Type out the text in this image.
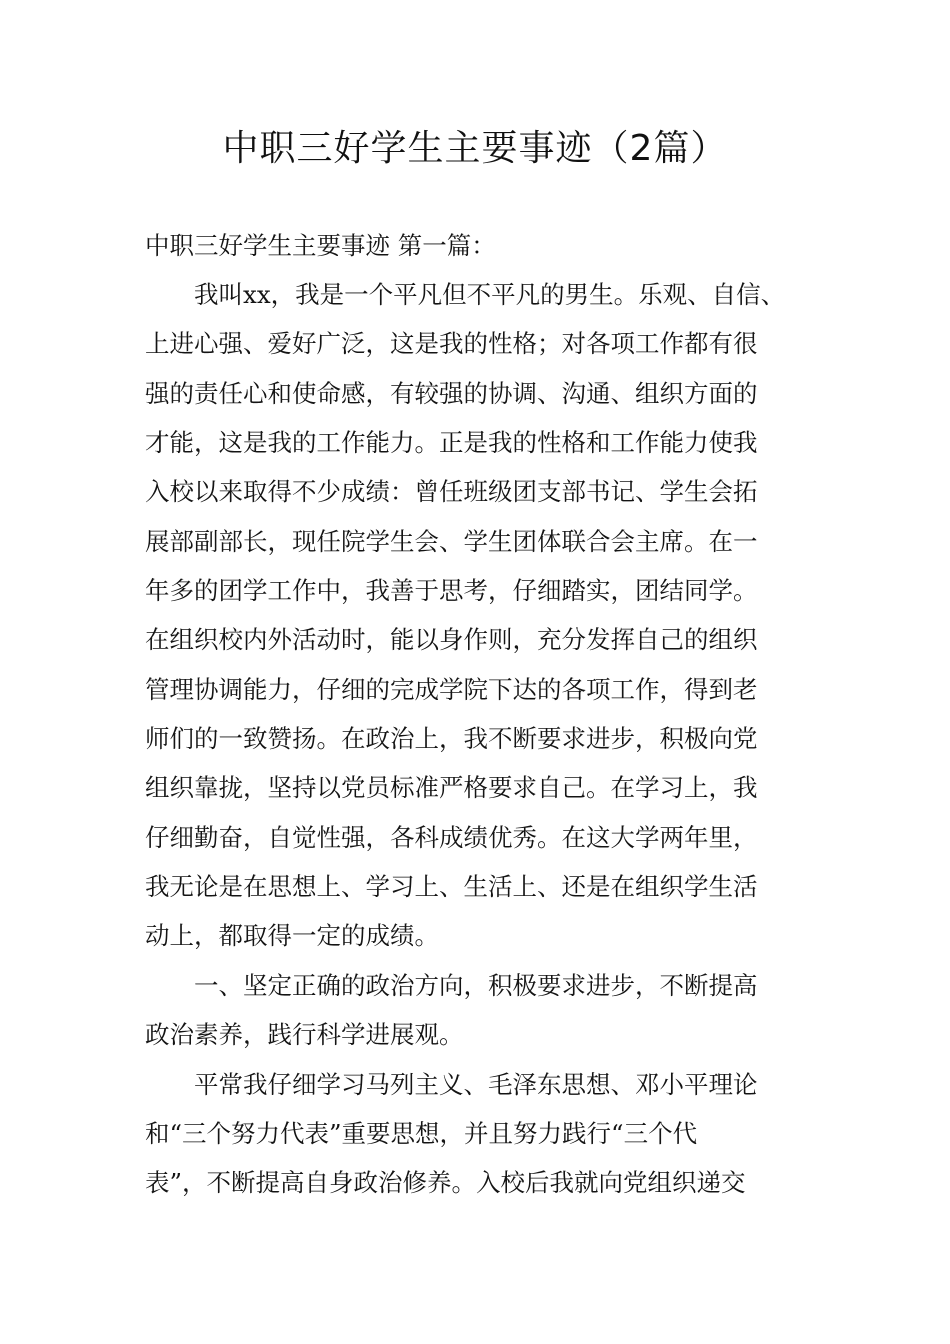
中职三好学生主要事迹（2篇）
中职三好学生主要事迹 第一篇：
　　我叫xx，我是一个平凡但不平凡的男生。乐观、自信、
上进心强、爱好广泛，这是我的性格；对各项工作都有很
强的责任心和使命感，有较强的协调、沟通、组织方面的
才能，这是我的工作能力。正是我的性格和工作能力使我
入校以来取得不少成绩：曾任班级团支部书记、学生会拓
展部副部长，现任院学生会、学生团体联合会主席。在一
年多的团学工作中，我善于思考，仔细踏实，团结同学。
在组织校内外活动时，能以身作则，充分发挥自己的组织
管理协调能力，仔细的完成学院下达的各项工作，得到老
师们的一致赞扬。在政治上，我不断要求进步，积极向党
组织靠拢，坚持以党员标准严格要求自己。在学习上，我
仔细勤奋，自觉性强，各科成绩优秀。在这大学两年里，
我无论是在思想上、学习上、生活上、还是在组织学生活
动上，都取得一定的成绩。
　　一、坚定正确的政治方向，积极要求进步，不断提高
政治素养，践行科学进展观。
　　平常我仔细学习马列主义、毛泽东思想、邓小平理论
和“三个努力代表”重要思想，并且努力践行“三个代
表”，不断提高自身政治修养。入校后我就向党组织递交
